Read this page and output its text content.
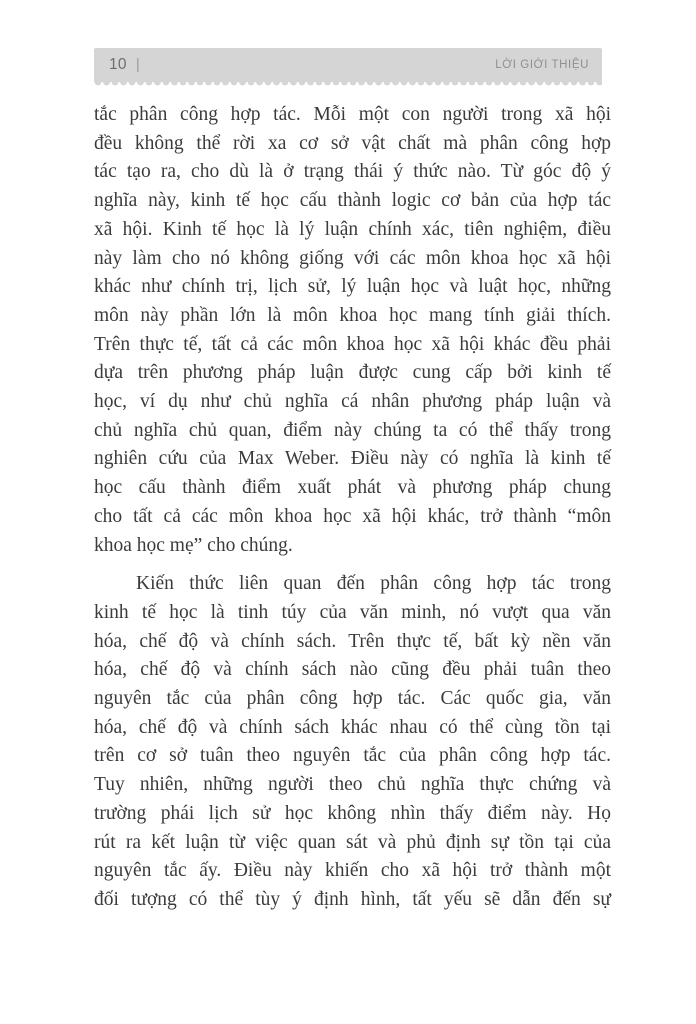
10 |	LỜI GIỚI THIỆU
tắc phân công hợp tác. Mỗi một con người trong xã hội
đều không thể rời xa cơ sở vật chất mà phân công hợp
tác tạo ra, cho dù là ở trạng thái ý thức nào. Từ góc độ ý
nghĩa này, kinh tế học cấu thành logic cơ bản của hợp tác
xã hội. Kinh tế học là lý luận chính xác, tiên nghiệm, điều
này làm cho nó không giống với các môn khoa học xã hội
khác như chính trị, lịch sử, lý luận học và luật học, những
môn này phần lớn là môn khoa học mang tính giải thích.
Trên thực tế, tất cả các môn khoa học xã hội khác đều phải
dựa trên phương pháp luận được cung cấp bởi kinh tế
học, ví dụ như chủ nghĩa cá nhân phương pháp luận và
chủ nghĩa chủ quan, điểm này chúng ta có thể thấy trong
nghiên cứu của Max Weber. Điều này có nghĩa là kinh tế
học cấu thành điểm xuất phát và phương pháp chung
cho tất cả các môn khoa học xã hội khác, trở thành “môn
khoa học mẹ” cho chúng.
Kiến thức liên quan đến phân công hợp tác trong
kinh tế học là tinh túy của văn minh, nó vượt qua văn
hóa, chế độ và chính sách. Trên thực tế, bất kỳ nền văn
hóa, chế độ và chính sách nào cũng đều phải tuân theo
nguyên tắc của phân công hợp tác. Các quốc gia, văn
hóa, chế độ và chính sách khác nhau có thể cùng tồn tại
trên cơ sở tuân theo nguyên tắc của phân công hợp tác.
Tuy nhiên, những người theo chủ nghĩa thực chứng và
trường phái lịch sử học không nhìn thấy điểm này. Họ
rút ra kết luận từ việc quan sát và phủ định sự tồn tại của
nguyên tắc ấy. Điều này khiến cho xã hội trở thành một
đối tượng có thể tùy ý định hình, tất yếu sẽ dẫn đến sự
